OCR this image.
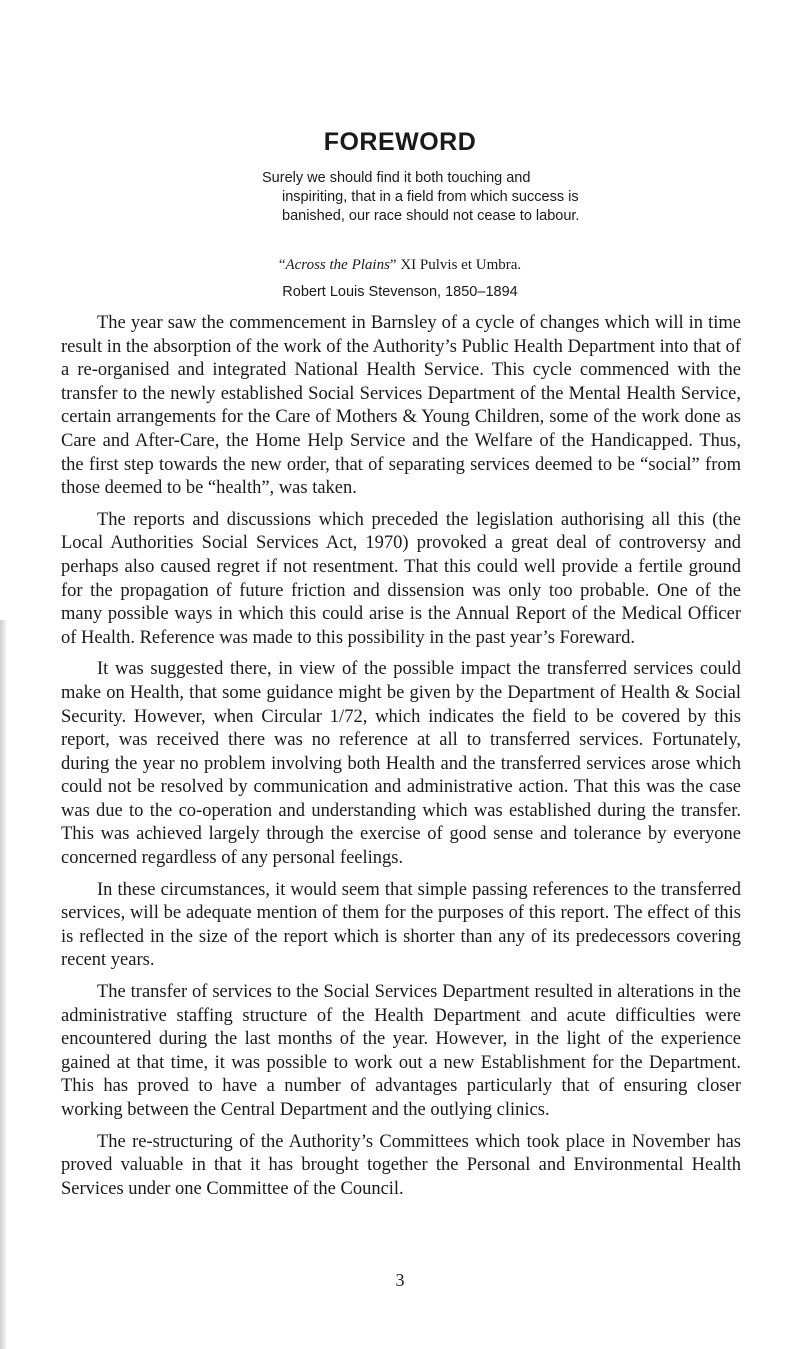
FOREWORD
Surely we should find it both touching and
inspiriting, that in a field from which success is
banished, our race should not cease to labour.
“Across the Plains” XI Pulvis et Umbra.
Robert Louis Stevenson, 1850–1894

The year saw the commencement in Barnsley of a cycle of changes which will in time result in the absorption of the work of the Authority’s Public Health Department into that of a re-organised and integrated National Health Service. This cycle commenced with the transfer to the newly established Social Services Department of the Mental Health Service, certain arrangements for the Care of Mothers & Young Children, some of the work done as Care and After-Care, the Home Help Service and the Welfare of the Handicapped. Thus, the first step towards the new order, that of separating services deemed to be “social” from those deemed to be “health”, was taken.

The reports and discussions which preceded the legislation authorising all this (the Local Authorities Social Services Act, 1970) provoked a great deal of controversy and perhaps also caused regret if not resentment. That this could well provide a fertile ground for the propagation of future friction and dissension was only too probable. One of the many possible ways in which this could arise is the Annual Report of the Medical Officer of Health. Reference was made to this possibility in the past year’s Foreward.

It was suggested there, in view of the possible impact the transferred services could make on Health, that some guidance might be given by the Department of Health & Social Security. However, when Circular 1/72, which indicates the field to be covered by this report, was received there was no reference at all to transferred services. Fortunately, during the year no problem involving both Health and the transferred services arose which could not be resolved by communication and administrative action. That this was the case was due to the co-operation and understanding which was established during the transfer. This was achieved largely through the exercise of good sense and tolerance by everyone concerned regardless of any personal feelings.

In these circumstances, it would seem that simple passing references to the transferred services, will be adequate mention of them for the purposes of this report. The effect of this is reflected in the size of the report which is shorter than any of its predecessors covering recent years.

The transfer of services to the Social Services Department resulted in alterations in the administrative staffing structure of the Health Department and acute difficulties were encountered during the last months of the year. However, in the light of the experience gained at that time, it was possible to work out a new Establishment for the Department. This has proved to have a number of advantages particularly that of ensuring closer working between the Central Department and the outlying clinics.

The re-structuring of the Authority’s Committees which took place in November has proved valuable in that it has brought together the Personal and Environmental Health Services under one Committee of the Council.

3
